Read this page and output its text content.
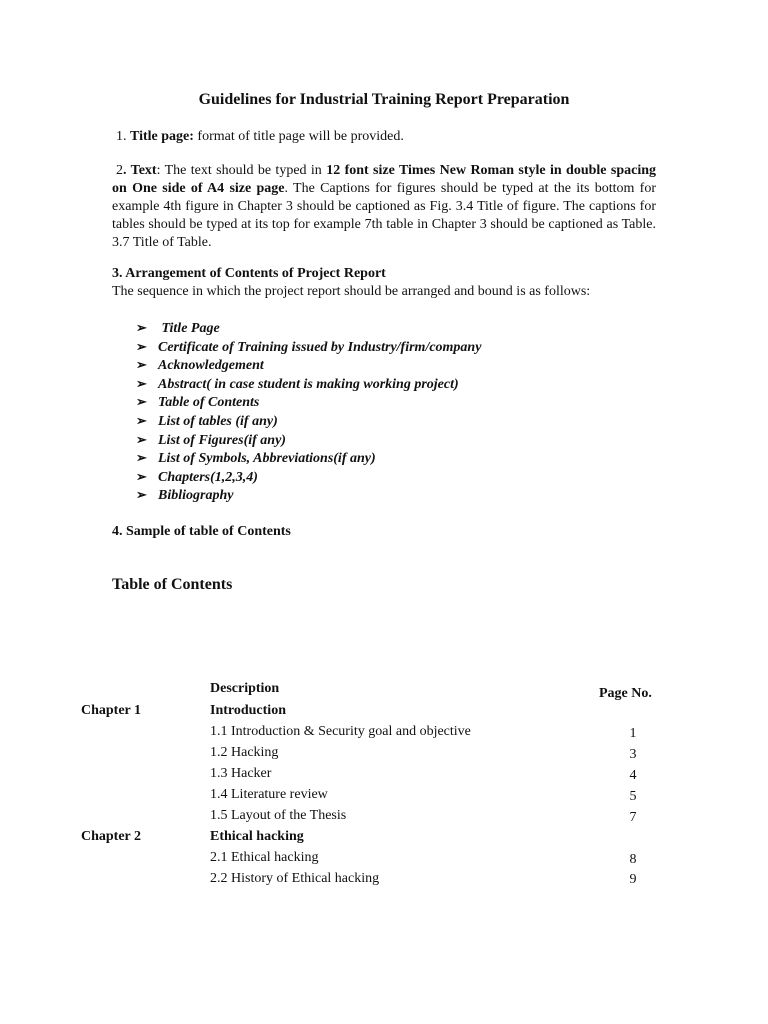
Guidelines for Industrial Training Report Preparation
1. Title page: format of title page will be provided.
2. Text: The text should be typed in 12 font size Times New Roman style in double spacing on One side of A4 size page. The Captions for figures should be typed at the its bottom for example 4th figure in Chapter 3 should be captioned as Fig. 3.4 Title of figure. The captions for tables should be typed at its top for example 7th table in Chapter 3 should be captioned as Table. 3.7 Title of Table.
3. Arrangement of Contents of Project Report
The sequence in which the project report should be arranged and bound is as follows:
➢ Title Page
➢ Certificate of Training issued by Industry/firm/company
➢ Acknowledgement
➢ Abstract( in case student is making working project)
➢ Table of Contents
➢ List of tables (if any)
➢ List of Figures(if any)
➢ List of Symbols, Abbreviations(if any)
➢ Chapters(1,2,3,4)
➢ Bibliography
4. Sample of table of Contents
Table of Contents
Description	Page No.
Chapter 1	Introduction
1.1 Introduction & Security goal and objective	1
1.2 Hacking	3
1.3 Hacker	4
1.4 Literature review	5
1.5 Layout of the Thesis	7
Chapter 2	Ethical hacking
2.1 Ethical hacking	8
2.2 History of Ethical hacking	9
